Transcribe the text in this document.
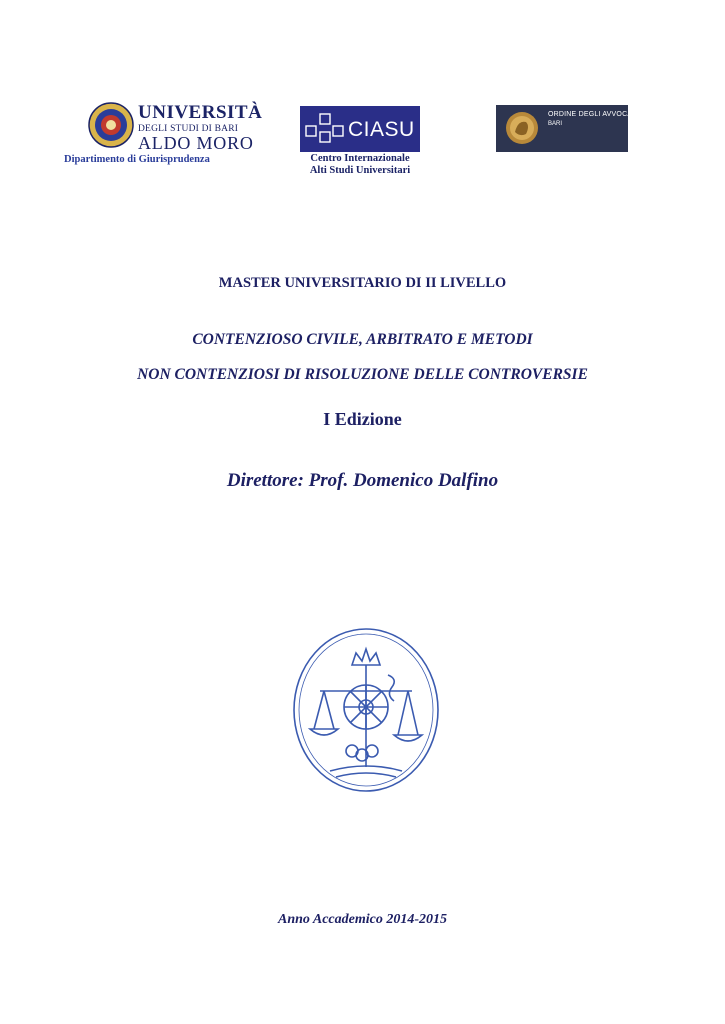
UNIVERSITÀ
DEGLI STUDI DI BARI
ALDO MORO
Dipartimento di Giurisprudenza
CIASU
Centro Internazionale
Alti Studi Universitari
ORDINE DEGLI AVVOCATI
BARI
MASTER UNIVERSITARIO DI II LIVELLO
CONTENZIOSO CIVILE, ARBITRATO E METODI
NON CONTENZIOSI DI RISOLUZIONE DELLE CONTROVERSIE
I Edizione
Direttore: Prof. Domenico Dalfino
Anno Accademico 2014-2015
